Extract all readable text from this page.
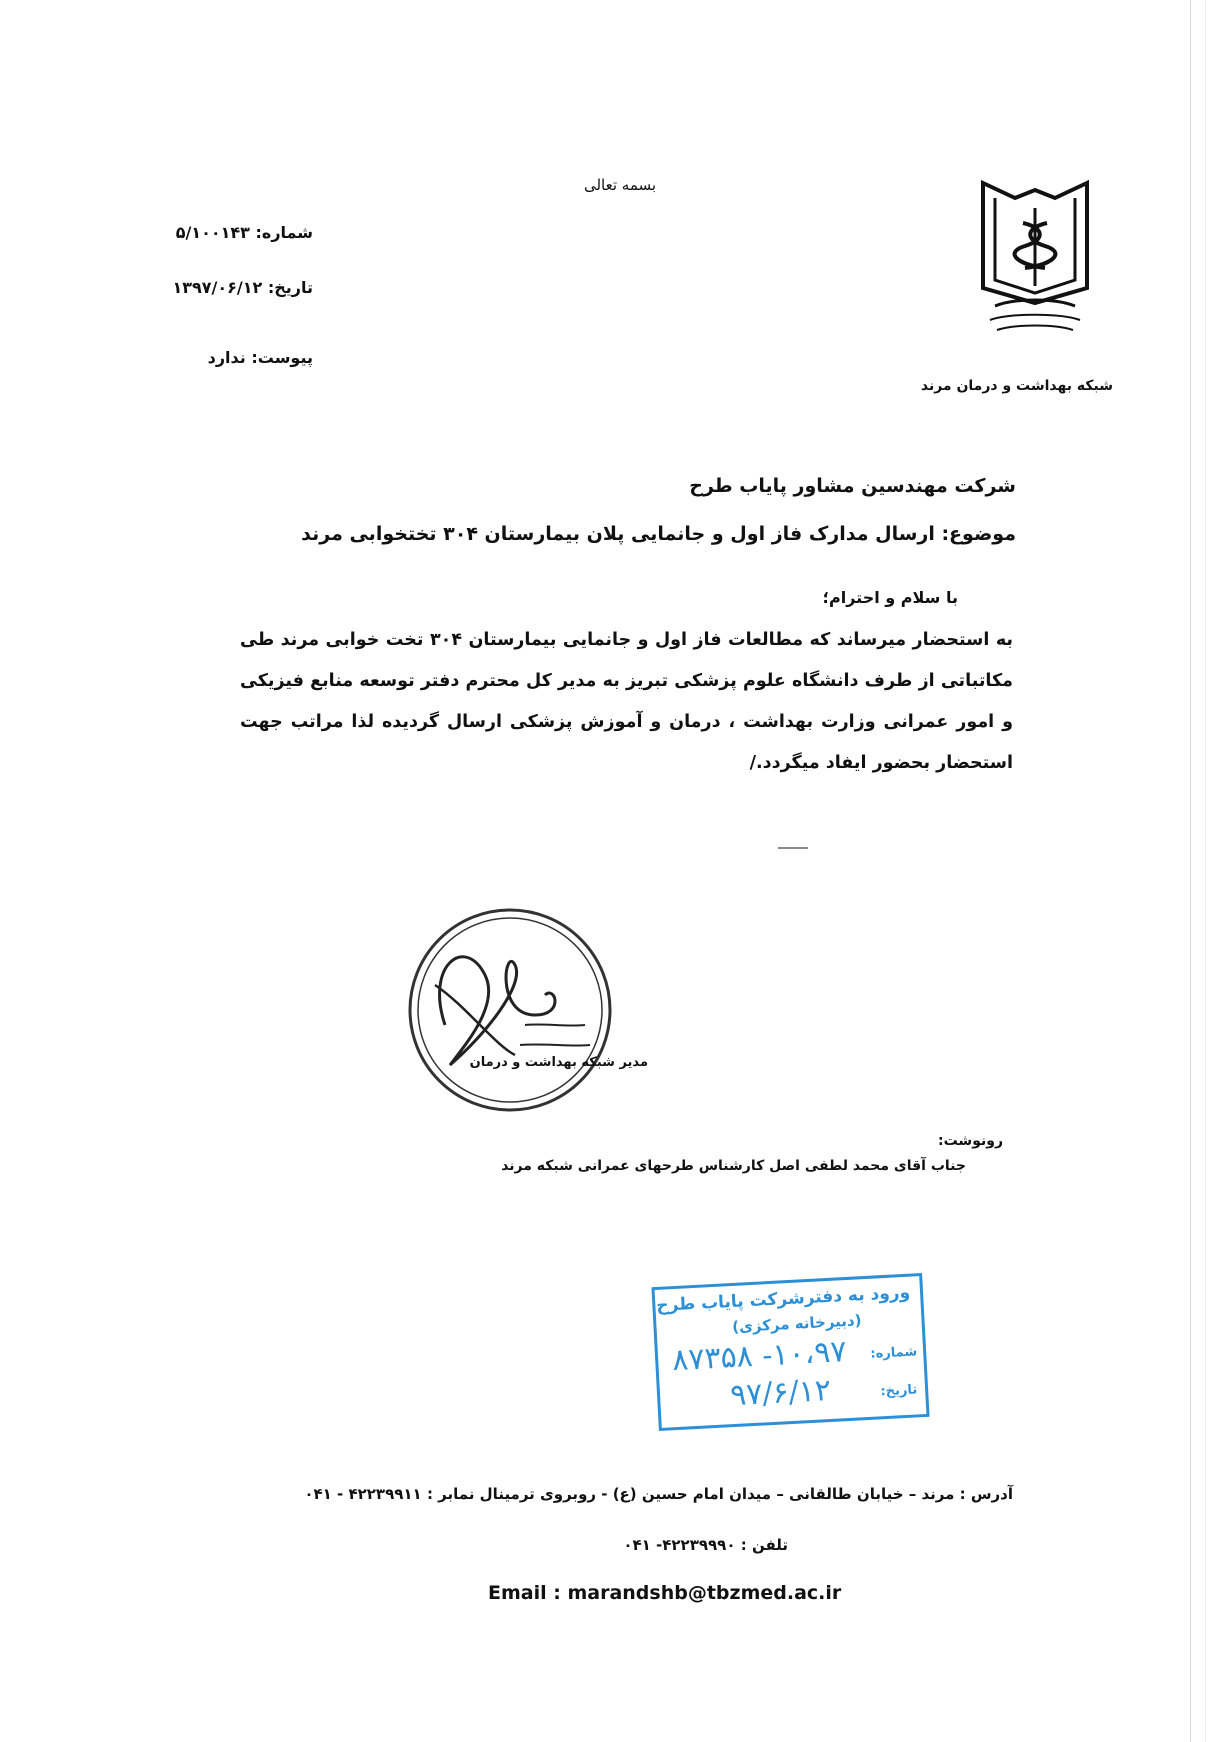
بسمه تعالی
شماره: ۵/۱۰۰۱۴۳
تاریخ: ۱۳۹۷/۰۶/۱۲
پیوست: ندارد
شبکه بهداشت و درمان مرند
شرکت مهندسین مشاور پایاب طرح
موضوع: ارسال مدارک فاز اول و جانمایی پلان بیمارستان ۳۰۴ تختخوابی مرند
با سلام و احترام؛
به استحضار میرساند که مطالعات فاز اول و جانمایی بیمارستان ۳۰۴ تخت خوابی مرند طی مکاتباتی از طرف دانشگاه علوم پزشکی تبریز به مدیر کل محترم دفتر توسعه منابع فیزیکی و امور عمرانی وزارت بهداشت ، درمان و آموزش پزشکی ارسال گردیده لذا مراتب جهت استحضار بحضور ایفاد میگردد./
مدیر شبکه بهداشت و درمان
رونوشت:
جناب آقای محمد لطفی اصل کارشناس طرحهای عمرانی شبکه مرند
ورود به دفترشرکت پایاب طرح
(دبیرخانه مرکزی)
شماره:
۱۰،۹۷- ۸۷۳۵۸
تاریخ:
۹۷/۶/۱۲
آدرس : مرند – خیابان طالقانی – میدان امام حسین (ع) - روبروی ترمینال نمابر : ۴۲۲۳۹۹۱۱ - ۰۴۱
تلفن : ۴۲۲۳۹۹۹۰- ۰۴۱
Email : marandshb@tbzmed.ac.ir
